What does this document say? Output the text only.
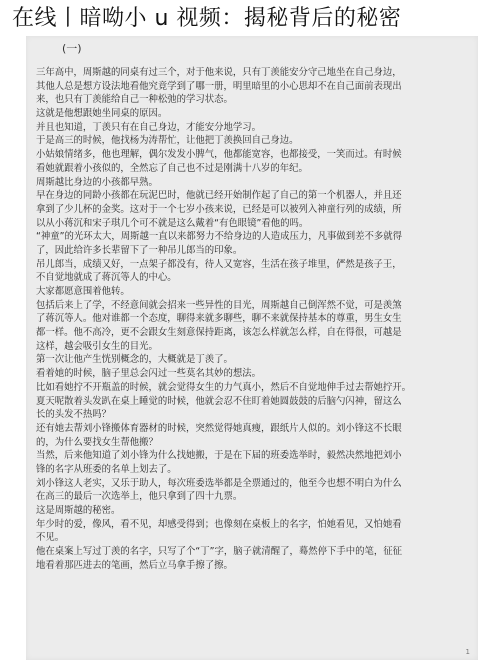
在线丨暗呦小 u 视频：揭秘背后的秘密
(一)
三年高中，周斯越的同桌有过三个，对于他来说，只有丁羡能安分守己地坐在自己身边，
其他人总是想方设法地看他究竟学到了哪一册，明里暗里的小心思却不在自己面前表现出
来，也只有丁羡能给自己一种松弛的学习状态。
这就是他想跟她坐同桌的原因。
并且也知道，丁羡只有在自己身边，才能安分地学习。
于是高三的时候，他找杨为涛帮忙，让他把丁羡换回自己身边。
小姑娘情绪多，他也理解，偶尔发发小脾气，他都能宽容，也都接受，一笑而过。有时候
看她就跟着小孩似的，全然忘了自己也不过是刚满十八岁的年纪。
周斯越比身边的小孩都早熟。
早在身边的同龄小孩都在玩泥巴时，他就已经开始制作起了自己的第一个机器人，并且还
拿到了少儿杯的金奖。这对于一个七岁小孩来说，已经是可以被列入神童行列的成绩，所
以从小蒋沉和宋子琪几个可不就是这么戴着“有色眼镜”看他的吗。
“神童”的光环太大，周斯越一直以来都努力不给身边的人造成压力，凡事做到差不多就得
了，因此给许多长辈留下了一种吊儿郎当的印象。
吊儿郎当，成绩又好，一点架子都没有，待人又宽容，生活在孩子堆里，俨然是孩子王，
不自觉地就成了蒋沉等人的中心。
大家都愿意围着他转。
包括后来上了学，不经意间就会招来一些异性的目光，周斯越自己倒浑然不觉，可是羡煞
了蒋沉等人。他对谁都一个态度，聊得来就多聊些，聊不来就保持基本的尊重，男生女生
都一样。他不高冷，更不会跟女生刻意保持距离，该怎么样就怎么样，自在得很，可越是
这样，越会吸引女生的目光。
第一次让他产生恍别概念的，大概就是丁羡了。
看着她的时候，脑子里总会闪过一些莫名其妙的想法。
比如看她拧不开瓶盖的时候，就会觉得女生的力气真小，然后不自觉地伸手过去帮她拧开。
夏天呢散着头发趴在桌上睡觉的时候，他就会忍不住盯着她圆鼓鼓的后脑勺闪神，留这么
长的头发不热吗？
还有她去帮刘小锋搬体育器材的时候，突然觉得她真瘦，跟纸片人似的。刘小锋这不长眼
的，为什么要找女生帮他搬？
当然，后来他知道了刘小锋为什么找她搬，于是在下届的班委选举时，毅然决然地把刘小
锋的名字从班委的名单上划去了。
刘小锋这人老实，又乐于助人，每次班委选举都是全票通过的，他至今也想不明白为什么
在高三的最后一次选举上，他只拿到了四十九票。
这是周斯越的秘密。
年少时的爱，像风，看不见，却感受得到；也像刻在桌板上的名字，怕她看见，又怕她看
不见。
他在桌案上写过丁羡的名字，只写了个“丁”字，脑子就清醒了，蓦然停下手中的笔，征征
地看着那匹进去的笔画，然后立马拿手擦了擦。
1
